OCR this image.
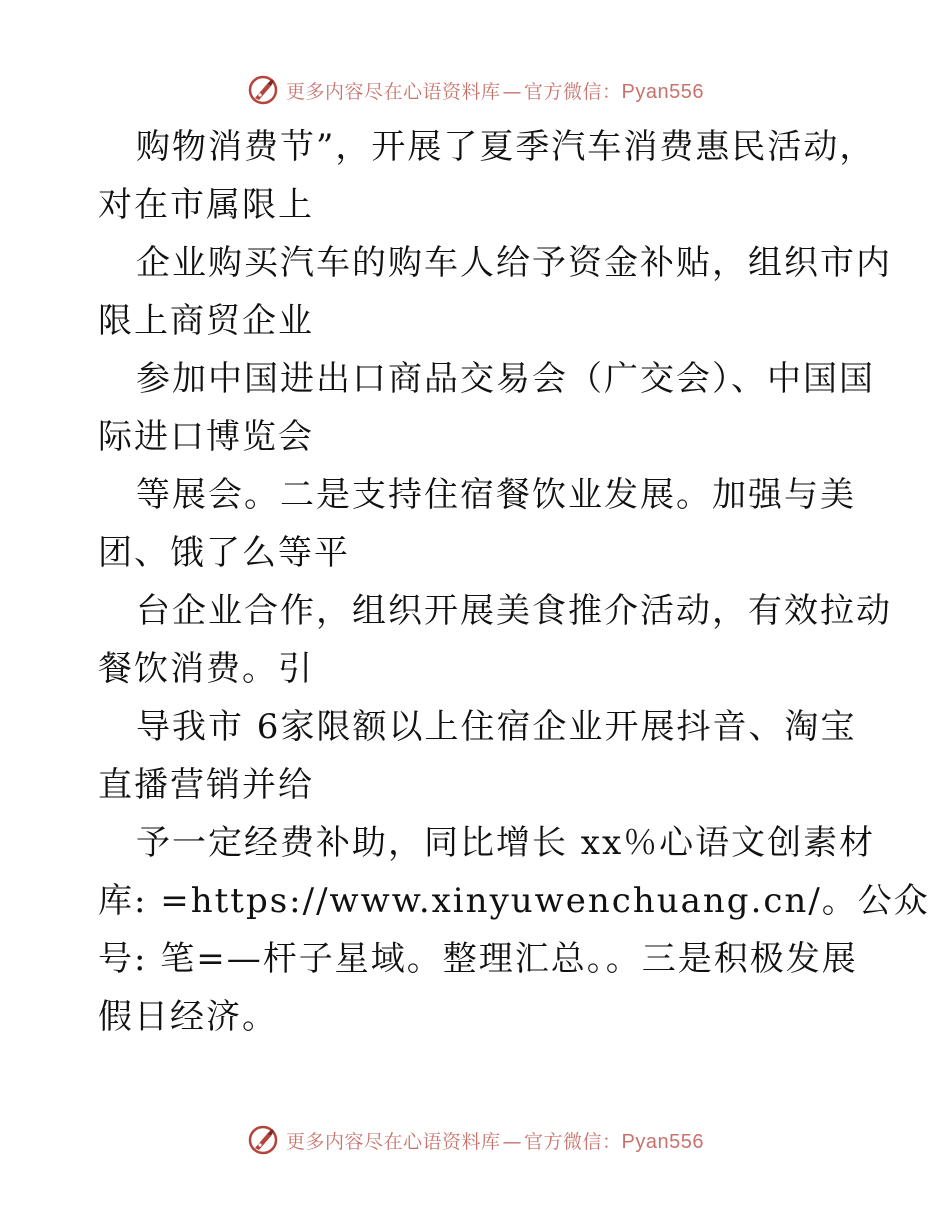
更多内容尽在心语资料库 — 官方微信：Pyan556
购物消费节”，开展了夏季汽车消费惠民活动，
对在市属限上
企业购买汽车的购车人给予资金补贴，组织市内
限上商贸企业
参加中国进出口商品交易会（广交会）、中国国
际进口博览会
等展会。二是支持住宿餐饮业发展。加强与美
团、饿了么等平
台企业合作，组织开展美食推介活动，有效拉动
餐饮消费。引
导我市 6家限额以上住宿企业开展抖音、淘宝
直播营销并给
予一定经费补助，同比增长 xx％心语文创素材
库: =https://www.xinyuwenchuang.cn/。公众
号: 笔=—杆子星域。整理汇总。。三是积极发展
假日经济。
更多内容尽在心语资料库 — 官方微信：Pyan556
